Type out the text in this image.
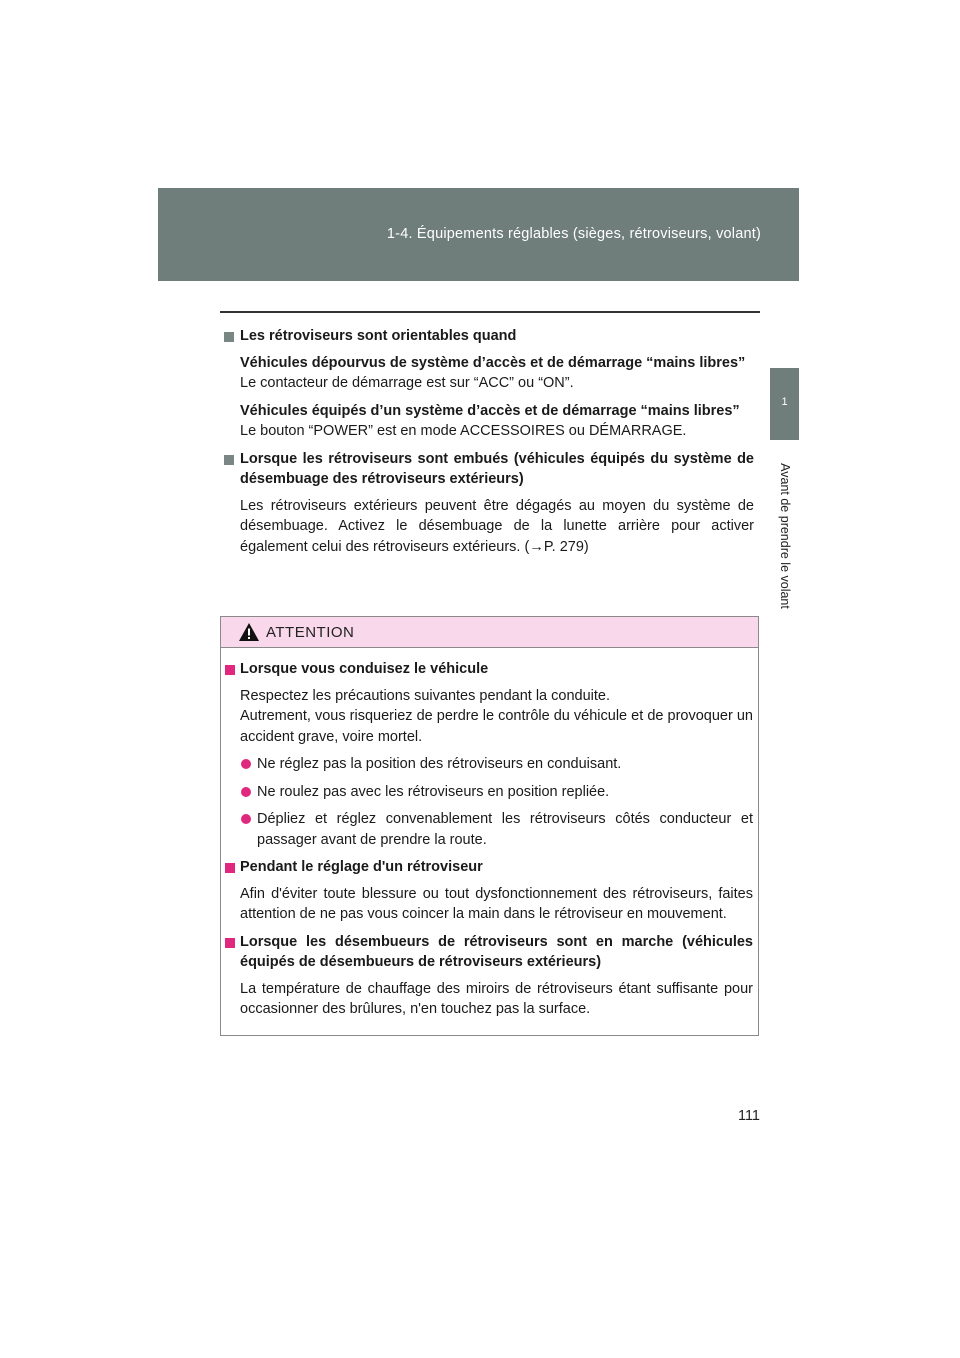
1-4. Équipements réglables (sièges, rétroviseurs, volant)
1
Avant de prendre le volant
Les rétroviseurs sont orientables quand
Véhicules dépourvus de système d’accès et de démarrage “mains libres”
Le contacteur de démarrage est sur “ACC” ou “ON”.
Véhicules équipés d’un système d’accès et de démarrage “mains libres”
Le bouton “POWER” est en mode ACCESSOIRES ou DÉMARRAGE.
Lorsque les rétroviseurs sont embués (véhicules équipés du système de désembuage des rétroviseurs extérieurs)
Les rétroviseurs extérieurs peuvent être dégagés au moyen du système de désembuage. Activez le désembuage de la lunette arrière pour activer également celui des rétroviseurs extérieurs. (→P. 279)
ATTENTION
Lorsque vous conduisez le véhicule
Respectez les précautions suivantes pendant la conduite.
Autrement, vous risqueriez de perdre le contrôle du véhicule et de provoquer un accident grave, voire mortel.
Ne réglez pas la position des rétroviseurs en conduisant.
Ne roulez pas avec les rétroviseurs en position repliée.
Dépliez et réglez convenablement les rétroviseurs côtés conducteur et passager avant de prendre la route.
Pendant le réglage d'un rétroviseur
Afin d'éviter toute blessure ou tout dysfonctionnement des rétroviseurs, faites attention de ne pas vous coincer la main dans le rétroviseur en mouvement.
Lorsque les désembueurs de rétroviseurs sont en marche (véhicules équipés de désembueurs de rétroviseurs extérieurs)
La température de chauffage des miroirs de rétroviseurs étant suffisante pour occasionner des brûlures, n'en touchez pas la surface.
111
